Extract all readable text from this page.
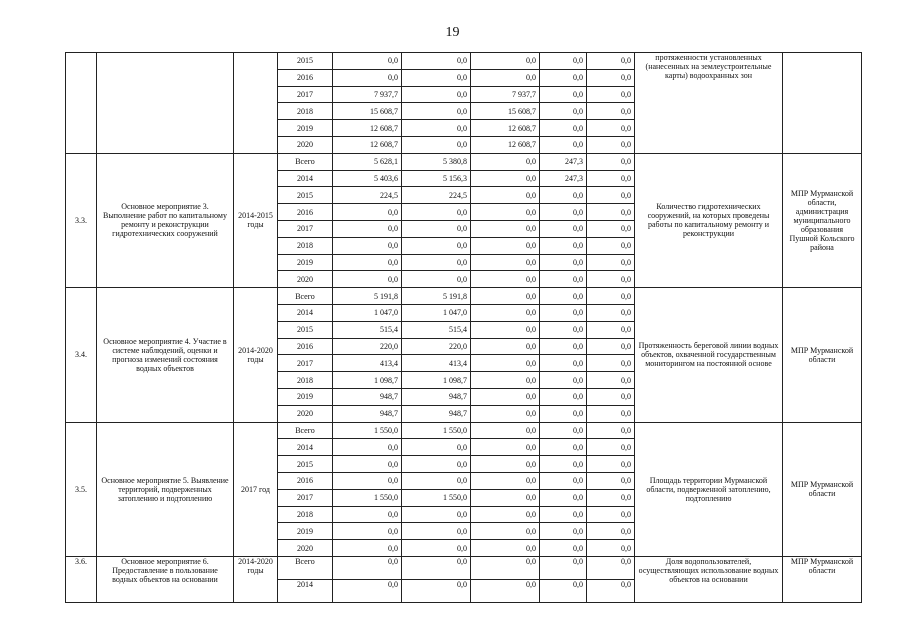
19
			2015	0,0	0,0	0,0	0,0	0,0	протяженности установленных (нанесенных на землеустроительные карты) водоохранных зон	
			2016	0,0	0,0	0,0	0,0	0,0		
			2017	7 937,7	0,0	7 937,7	0,0	0,0		
			2018	15 608,7	0,0	15 608,7	0,0	0,0		
			2019	12 608,7	0,0	12 608,7	0,0	0,0		
			2020	12 608,7	0,0	12 608,7	0,0	0,0		
3.3.	Основное мероприятие 3. Выполнение работ по капитальному ремонту и реконструкции гидротехнических сооружений	2014-2015 годы	Всего	5 628,1	5 380,8	0,0	247,3	0,0	Количество гидротехнических сооружений, на которых проведены работы по капитальному ремонту и реконструкции	МПР Мурманской области, администрация муниципального образования Пушной Кольского района
			2014	5 403,6	5 156,3	0,0	247,3	0,0		
			2015	224,5	224,5	0,0	0,0	0,0		
			2016	0,0	0,0	0,0	0,0	0,0		
			2017	0,0	0,0	0,0	0,0	0,0		
			2018	0,0	0,0	0,0	0,0	0,0		
			2019	0,0	0,0	0,0	0,0	0,0		
			2020	0,0	0,0	0,0	0,0	0,0		
3.4.	Основное мероприятие 4. Участие в системе наблюдений, оценки и прогноза изменений состояния водных объектов	2014-2020 годы	Всего	5 191,8	5 191,8	0,0	0,0	0,0	Протяженность береговой линии водных объектов, охваченной государственным мониторингом на постоянной основе	МПР Мурманской области
			2014	1 047,0	1 047,0	0,0	0,0	0,0		
			2015	515,4	515,4	0,0	0,0	0,0		
			2016	220,0	220,0	0,0	0,0	0,0		
			2017	413,4	413,4	0,0	0,0	0,0		
			2018	1 098,7	1 098,7	0,0	0,0	0,0		
			2019	948,7	948,7	0,0	0,0	0,0		
			2020	948,7	948,7	0,0	0,0	0,0		
3.5.	Основное мероприятие 5. Выявление территорий, подверженных затоплению и подтоплению	2017 год	Всего	1 550,0	1 550,0	0,0	0,0	0,0	Площадь территории Мурманской области, подверженной затоплению, подтоплению	МПР Мурманской области
			2014	0,0	0,0	0,0	0,0	0,0		
			2015	0,0	0,0	0,0	0,0	0,0		
			2016	0,0	0,0	0,0	0,0	0,0		
			2017	1 550,0	1 550,0	0,0	0,0	0,0		
			2018	0,0	0,0	0,0	0,0	0,0		
			2019	0,0	0,0	0,0	0,0	0,0		
			2020	0,0	0,0	0,0	0,0	0,0		
3.6.	Основное мероприятие 6. Предоставление в пользование водных объектов на основании	2014-2020 годы	Всего	0,0	0,0	0,0	0,0	0,0	Доля водопользователей, осуществляющих использование водных объектов на основании	МПР Мурманской области
			2014	0,0	0,0	0,0	0,0	0,0		
